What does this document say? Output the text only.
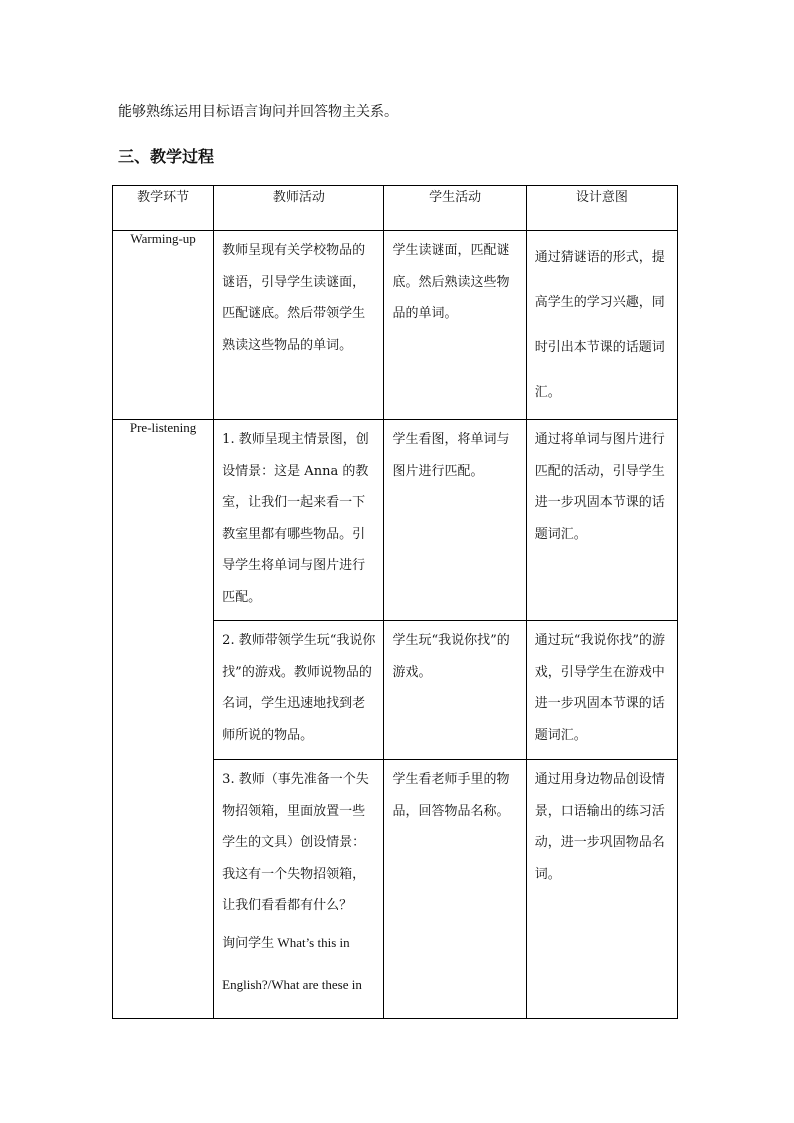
能够熟练运用目标语言询问并回答物主关系。
三、教学过程
教学环节	教师活动	学生活动	设计意图
Warming-up	教师呈现有关学校物品的谜语，引导学生读谜面，匹配谜底。然后带领学生熟读这些物品的单词。	学生读谜面，匹配谜底。然后熟读这些物品的单词。	通过猜谜语的形式，提高学生的学习兴趣，同时引出本节课的话题词汇。

Pre-listening	1. 教师呈现主情景图，创设情景：这是 Anna 的教室，让我们一起来看一下教室里都有哪些物品。引导学生将单词与图片进行匹配。	学生看图，将单词与图片进行匹配。	通过将单词与图片进行匹配的活动，引导学生进一步巩固本节课的话题词汇。

	2. 教师带领学生玩“我说你找”的游戏。教师说物品的名词，学生迅速地找到老师所说的物品。	学生玩“我说你找”的游戏。	通过玩“我说你找”的游戏，引导学生在游戏中进一步巩固本节课的话题词汇。

	3. 教师（事先准备一个失物招领箱，里面放置一些学生的文具）创设情景：我这有一个失物招领箱，让我们看看都有什么？

询问学生 What’s this in

English?/What are these in	学生看老师手里的物品，回答物品名称。	通过用身边物品创设情景，口语输出的练习活动，进一步巩固物品名词。
